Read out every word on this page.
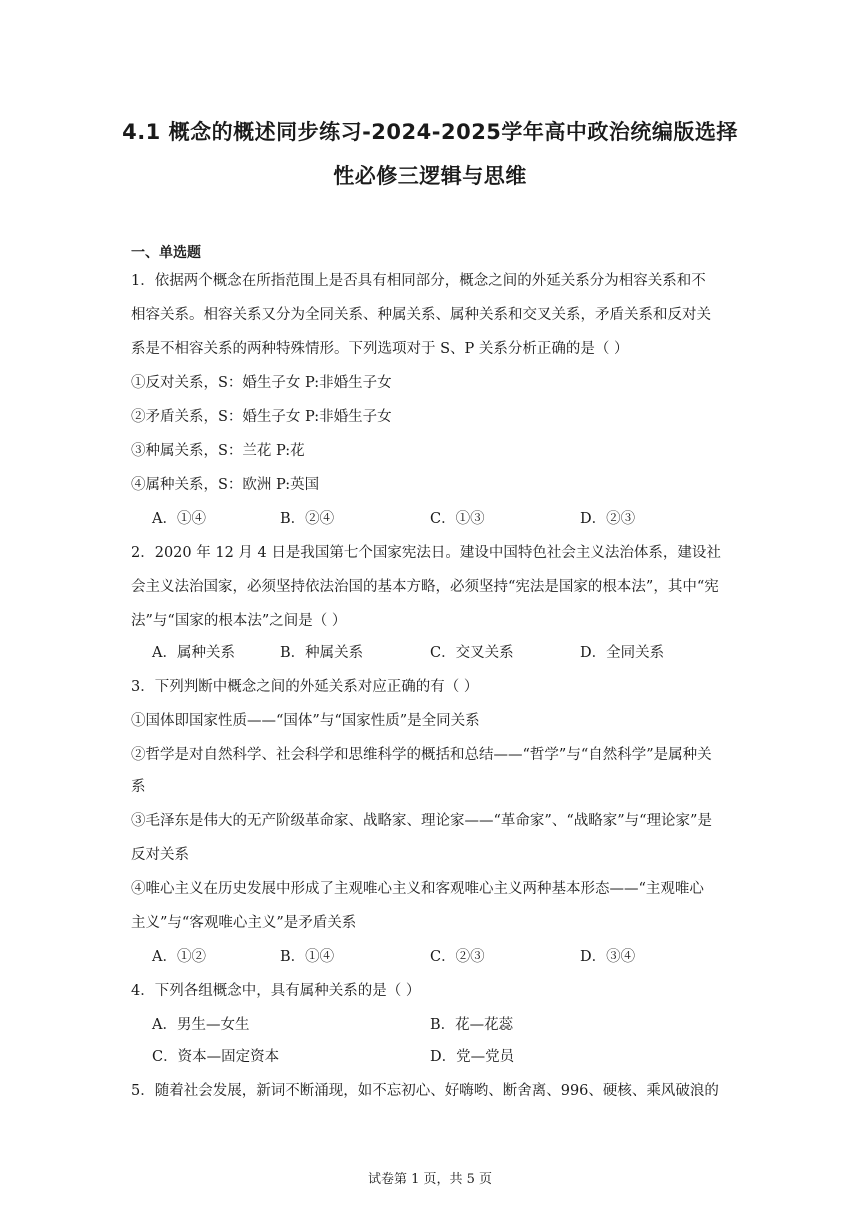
4.1 概念的概述同步练习-2024-2025学年高中政治统编版选择
性必修三逻辑与思维
一、单选题
1．依据两个概念在所指范围上是否具有相同部分，概念之间的外延关系分为相容关系和不
相容关系。相容关系又分为全同关系、种属关系、属种关系和交叉关系，矛盾关系和反对关
系是不相容关系的两种特殊情形。下列选项对于 S、P 关系分析正确的是（ ）
①反对关系，S：婚生子女 P:非婚生子女
②矛盾关系，S：婚生子女 P:非婚生子女
③种属关系，S：兰花 P:花
④属种关系，S：欧洲 P:英国
A．①④	B．②④	C．①③	D．②③
2．2020 年 12 月 4 日是我国第七个国家宪法日。建设中国特色社会主义法治体系，建设社
会主义法治国家，必须坚持依法治国的基本方略，必须坚持“宪法是国家的根本法”，其中“宪
法”与“国家的根本法”之间是（ ）
A．属种关系	B．种属关系	C．交叉关系	D．全同关系
3．下列判断中概念之间的外延关系对应正确的有（ ）
①国体即国家性质——“国体”与“国家性质”是全同关系
②哲学是对自然科学、社会科学和思维科学的概括和总结——“哲学”与“自然科学”是属种关
系
③毛泽东是伟大的无产阶级革命家、战略家、理论家——“革命家”、“战略家”与“理论家”是
反对关系
④唯心主义在历史发展中形成了主观唯心主义和客观唯心主义两种基本形态——“主观唯心
主义”与“客观唯心主义”是矛盾关系
A．①②	B．①④	C．②③	D．③④
4．下列各组概念中，具有属种关系的是（ ）
A．男生—女生	B．花—花蕊
C．资本—固定资本	D．党—党员
5．随着社会发展，新词不断涌现，如不忘初心、好嗨哟、断舍离、996、硬核、乘风破浪的
试卷第 1 页，共 5 页
